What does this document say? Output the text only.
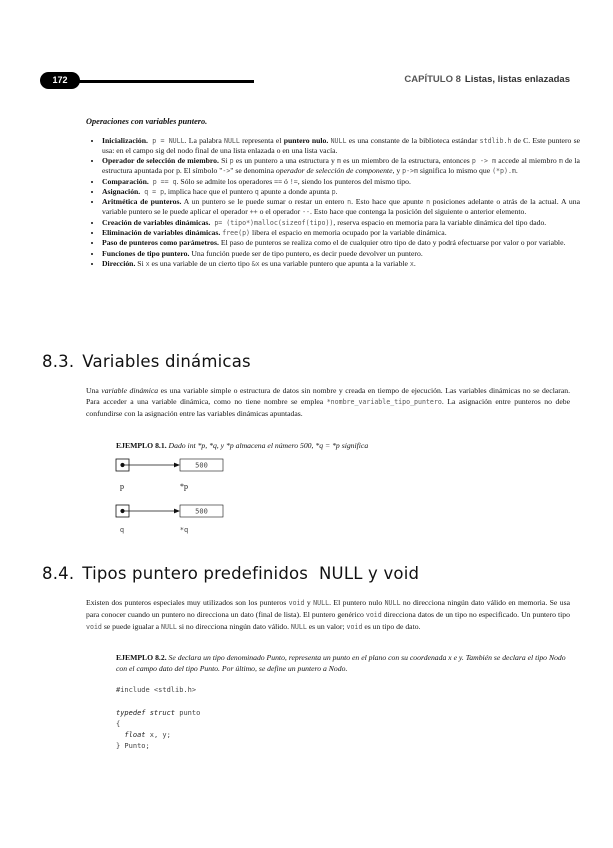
172	CAPÍTULO 8 Listas, listas enlazadas
Operaciones con variables puntero.
• Inicialización. p = NULL. La palabra NULL representa el puntero nulo. NULL es una constante de la biblioteca estándar stdlib.h de C. Este puntero se usa: en el campo sig del nodo final de una lista enlazada o en una lista vacía.
• Operador de selección de miembro. Si p es un puntero a una estructura y m es un miembro de la estructura, entonces p -> m accede al miembro m de la estructura apuntada por p. El símbolo "->" se denomina operador de selección de componente, y p->m significa lo mismo que (*p).m.
• Comparación. p == q. Sólo se admite los operadores == ó !=, siendo los punteros del mismo tipo.
• Asignación. q = p, implica hace que el puntero q apunte a donde apunta p.
• Aritmética de punteros. A un puntero se le puede sumar o restar un entero n. Esto hace que apunte n posiciones adelante o atrás de la actual. A una variable puntero se le puede aplicar el operador ++ o el operador --. Esto hace que contenga la posición del siguiente o anterior elemento.
• Creación de variables dinámicas. p= (tipo*)malloc(sizeof(tipo)), reserva espacio en memoria para la variable dinámica del tipo dado.
• Eliminación de variables dinámicas. free(p) libera el espacio en memoria ocupado por la variable dinámica.
• Paso de punteros como parámetros. El paso de punteros se realiza como el de cualquier otro tipo de dato y podrá efectuarse por valor o por variable.
• Funciones de tipo puntero. Una función puede ser de tipo puntero, es decir puede devolver un puntero.
• Dirección. Si x es una variable de un cierto tipo &x es una variable puntero que apunta a la variable x.
8.3. Variables dinámicas

Una variable dinámica es una variable simple o estructura de datos sin nombre y creada en tiempo de ejecución. Las variables dinámicas no se declaran. Para acceder a una variable dinámica, como no tiene nombre se emplea *nombre_variable_tipo_puntero. La asignación entre punteros no debe confundirse con la asignación entre las variables dinámicas apuntadas.

EJEMPLO 8.1. Dado int *p, *q, y *p almacena el número 500, *q = *p significa

500
p	*p
500
q	*q
8.4. Tipos puntero predefinidos  NULL y void

Existen dos punteros especiales muy utilizados son los punteros void y NULL. El puntero nulo NULL no direcciona ningún dato válido en memoria. Se usa para conocer cuando un puntero no direcciona un dato (final de lista). El puntero genérico void direcciona datos de un tipo no especificado. Un puntero tipo void se puede igualar a NULL si no direcciona ningún dato válido. NULL es un valor; void es un tipo de dato.

EJEMPLO 8.2. Se declara un tipo denominado Punto, representa un punto en el plano con su coordenada x e y. También se declara el tipo Nodo con el campo dato del tipo Punto. Por último, se define un puntero a Nodo.

#include <stdlib.h>

typedef struct punto
{
float x, y;
} Punto;
